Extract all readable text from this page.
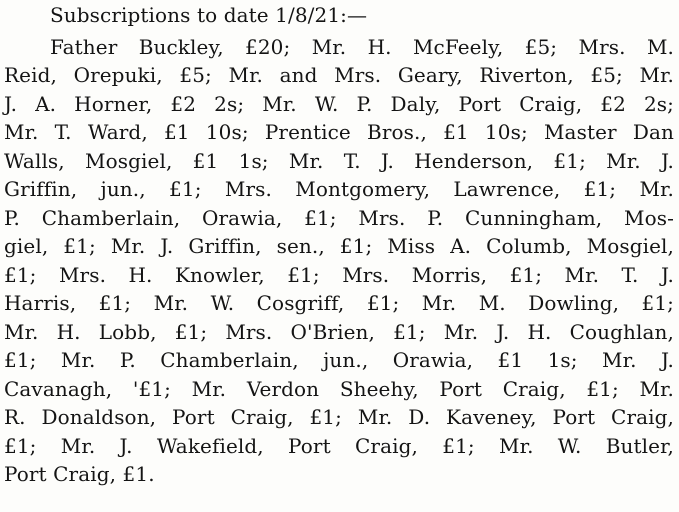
Subscriptions to date 1/8/21:—
Father Buckley, £20; Mr. H. McFeely, £5; Mrs. M.
Reid, Orepuki, £5; Mr. and Mrs. Geary, Riverton, £5; Mr.
J. A. Horner, £2 2s; Mr. W. P. Daly, Port Craig, £2 2s;
Mr. T. Ward, £1 10s; Prentice Bros., £1 10s; Master Dan
Walls, Mosgiel, £1 1s; Mr. T. J. Henderson, £1; Mr. J.
Griffin, jun., £1; Mrs. Montgomery, Lawrence, £1; Mr.
P. Chamberlain, Orawia, £1; Mrs. P. Cunningham, Mos-
giel, £1; Mr. J. Griffin, sen., £1; Miss A. Columb, Mosgiel,
£1; Mrs. H. Knowler, £1; Mrs. Morris, £1; Mr. T. J.
Harris, £1; Mr. W. Cosgriff, £1; Mr. M. Dowling, £1;
Mr. H. Lobb, £1; Mrs. O'Brien, £1; Mr. J. H. Coughlan,
£1; Mr. P. Chamberlain, jun., Orawia, £1 1s; Mr. J.
Cavanagh, '£1; Mr. Verdon Sheehy, Port Craig, £1; Mr.
R. Donaldson, Port Craig, £1; Mr. D. Kaveney, Port Craig,
£1; Mr. J. Wakefield, Port Craig, £1; Mr. W. Butler,
Port Craig, £1.
